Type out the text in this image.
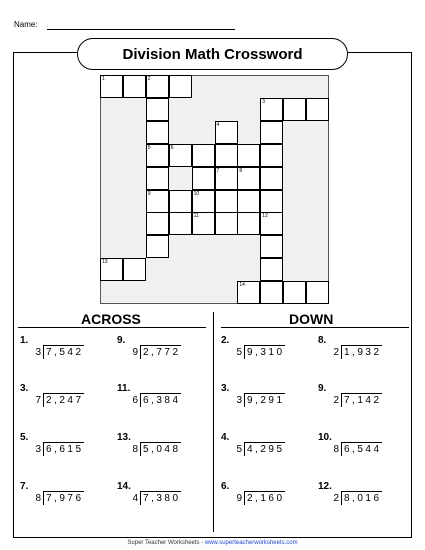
Name:
Division Math Crossword
1	2
5
9
3
12
4
7
6
8
10
11
13
14
ACROSS	DOWN
1.
3 7,542
9.
9 2,772
3.
7 2,247
11.
6 6,384
5.
3 6,615
13.
8 5,048
7.
8 7,976
14.
4 7,380
2.
5 9,310
8.
2 1,932
3.
3 9,291
9.
2 7,142
4.
5 4,295
10.
8 6,544
6.
9 2,160
12.
2 8,016
Super Teacher Worksheets - www.superteacherworksheets.com
